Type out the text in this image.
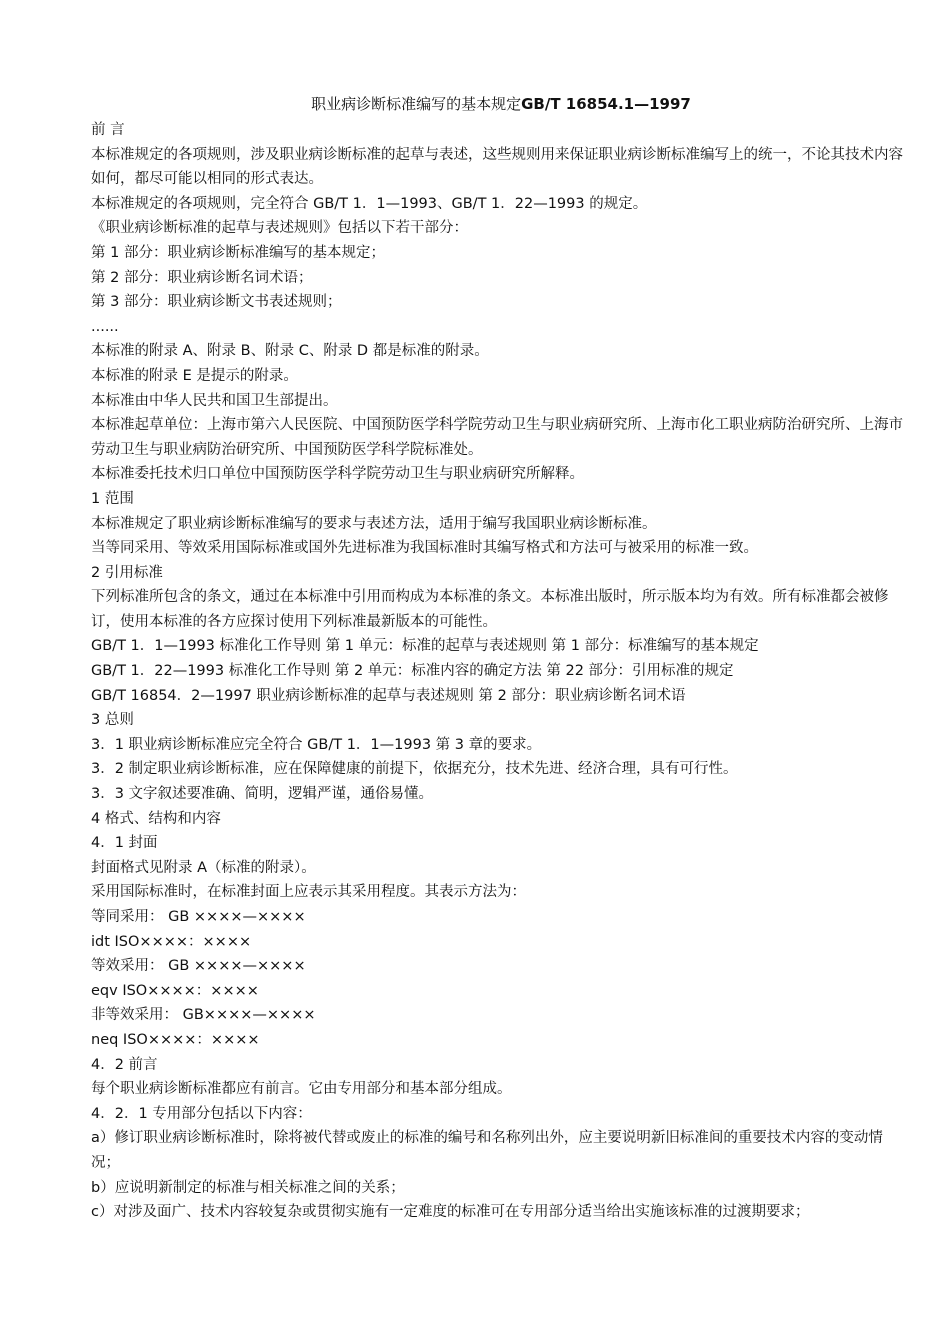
职业病诊断标准编写的基本规定GB/T 16854.1—1997

前 言

本标准规定的各项规则，涉及职业病诊断标准的起草与表述，这些规则用来保证职业病诊断标准编写上的统一，不论其技术内容如何，都尽可能以相同的形式表达。

本标准规定的各项规则，完全符合 GB/T 1．1—1993、GB/T 1．22—1993 的规定。

《职业病诊断标准的起草与表述规则》包括以下若干部分：

第 1 部分：职业病诊断标准编写的基本规定；

第 2 部分：职业病诊断名词术语；

第 3 部分：职业病诊断文书表述规则；

......

本标准的附录 A、附录 B、附录 C、附录 D 都是标准的附录。

本标准的附录 E 是提示的附录。

本标准由中华人民共和国卫生部提出。

本标准起草单位：上海市第六人民医院、中国预防医学科学院劳动卫生与职业病研究所、上海市化工职业病防治研究所、上海市劳动卫生与职业病防治研究所、中国预防医学科学院标准处。

本标准委托技术归口单位中国预防医学科学院劳动卫生与职业病研究所解释。

1 范围

本标准规定了职业病诊断标准编写的要求与表述方法，适用于编写我国职业病诊断标准。

当等同采用、等效采用国际标准或国外先进标准为我国标准时其编写格式和方法可与被采用的标准一致。

2 引用标准

下列标准所包含的条文，通过在本标准中引用而构成为本标准的条文。本标准出版时，所示版本均为有效。所有标准都会被修订，使用本标准的各方应探讨使用下列标准最新版本的可能性。

GB/T 1．1—1993 标准化工作导则 第 1 单元：标准的起草与表述规则 第 1 部分：标准编写的基本规定

GB/T 1．22—1993 标准化工作导则 第 2 单元：标准内容的确定方法 第 22 部分：引用标准的规定

GB/T 16854．2—1997 职业病诊断标准的起草与表述规则 第 2 部分：职业病诊断名词术语

3 总则

3．1 职业病诊断标准应完全符合 GB/T 1．1—1993 第 3 章的要求。

3．2 制定职业病诊断标准，应在保障健康的前提下，依据充分，技术先进、经济合理，具有可行性。

3．3 文字叙述要准确、简明，逻辑严谨，通俗易懂。

4 格式、结构和内容

4．1 封面

封面格式见附录 A（标准的附录）。

采用国际标准时，在标准封面上应表示其采用程度。其表示方法为：

等同采用： GB ××××—××××

idt ISO××××：××××

等效采用： GB ××××—××××

eqv ISO××××：××××

非等效采用： GB××××—××××

neq ISO××××：××××

4．2 前言

每个职业病诊断标准都应有前言。它由专用部分和基本部分组成。

4．2．1 专用部分包括以下内容：

a）修订职业病诊断标准时，除将被代替或废止的标准的编号和名称列出外，应主要说明新旧标准间的重要技术内容的变动情况；

b）应说明新制定的标准与相关标准之间的关系；

c）对涉及面广、技术内容较复杂或贯彻实施有一定难度的标准可在专用部分适当给出实施该标准的过渡期要求；
